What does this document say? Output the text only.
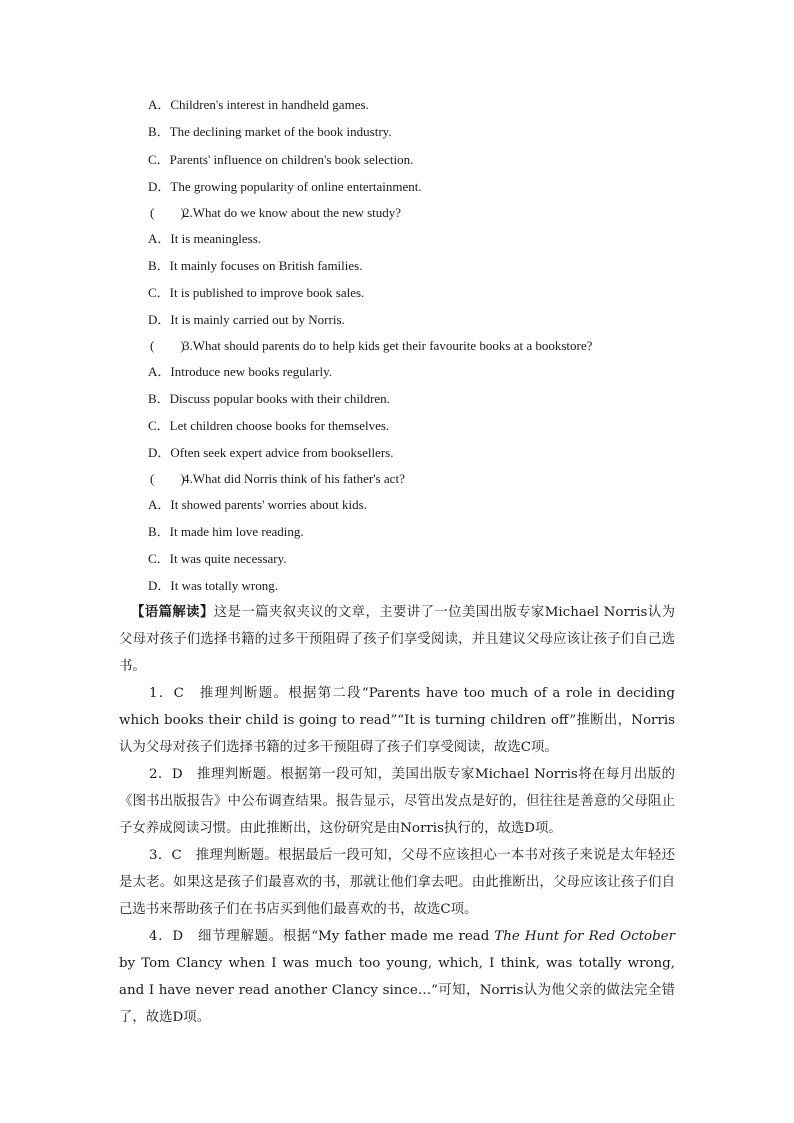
A．Children's interest in handheld games.
B．The declining market of the book industry.
C．Parents' influence on children's book selection.
D．The growing popularity of online entertainment.
(　　)2.What do we know about the new study?
A．It is meaningless.
B．It mainly focuses on British families.
C．It is published to improve book sales.
D．It is mainly carried out by Norris.
(　　)3.What should parents do to help kids get their favourite books at a bookstore?
A．Introduce new books regularly.
B．Discuss popular books with their children.
C．Let children choose books for themselves.
D．Often seek expert advice from booksellers.
(　　)4.What did Norris think of his father's act?
A．It showed parents' worries about kids.
B．It made him love reading.
C．It was quite necessary.
D．It was totally wrong.

【语篇解读】这是一篇夹叙夹议的文章，主要讲了一位美国出版专家Michael Norris认为父母对孩子们选择书籍的过多干预阻碍了孩子们享受阅读，并且建议父母应该让孩子们自己选书。

1．C　推理判断题。根据第二段“Parents have too much of a role in deciding which books their child is going to read”“It is turning children off”推断出，Norris认为父母对孩子们选择书籍的过多干预阻碍了孩子们享受阅读，故选C项。

2．D　推理判断题。根据第一段可知，美国出版专家Michael Norris将在每月出版的《图书出版报告》中公布调查结果。报告显示，尽管出发点是好的，但往往是善意的父母阻止子女养成阅读习惯。由此推断出，这份研究是由Norris执行的，故选D项。

3．C　推理判断题。根据最后一段可知，父母不应该担心一本书对孩子来说是太年轻还是太老。如果这是孩子们最喜欢的书，那就让他们拿去吧。由此推断出，父母应该让孩子们自己选书来帮助孩子们在书店买到他们最喜欢的书，故选C项。

4．D　细节理解题。根据“My father made me read The Hunt for Red October by Tom Clancy when I was much too young, which, I think, was totally wrong, and I have never read another Clancy since…”可知，Norris认为他父亲的做法完全错了，故选D项。
